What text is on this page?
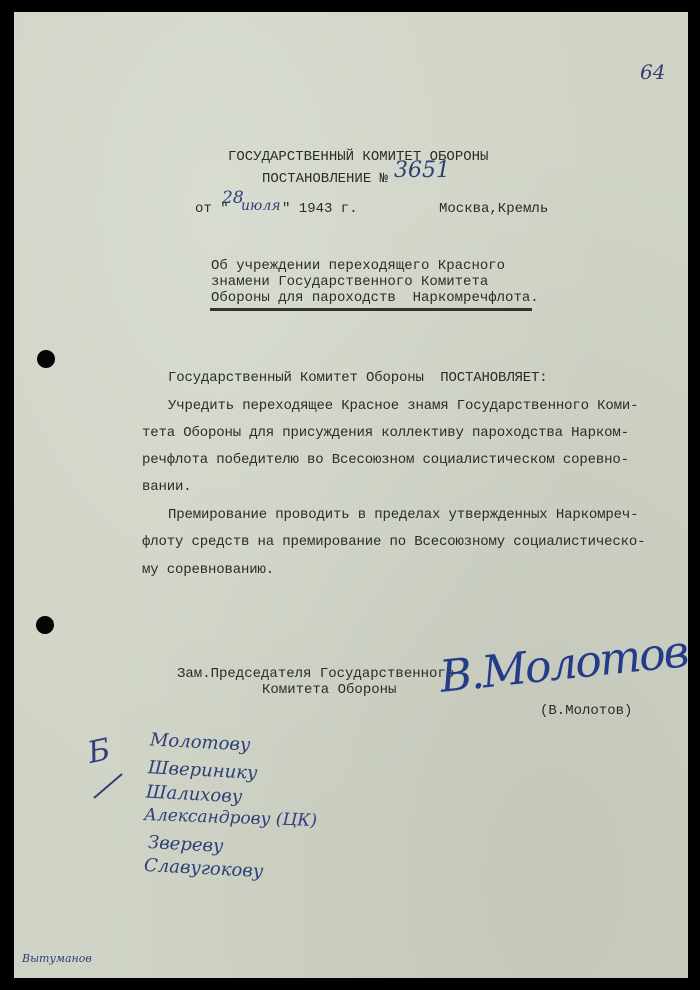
64
ГОСУДАРСТВЕННЫЙ КОМИТЕТ ОБОРОНЫ
ПОСТАНОВЛЕНИЕ № 3651
от "
28
июля " 1943 г.	Москва,Кремль
Об учреждении переходящего Красного
знамени Государственного Комитета
Обороны для пароходств  Наркомречфлота.
Государственный Комитет Обороны  ПОСТАНОВЛЯЕТ:
Учредить переходящее Красное знамя Государственного Коми-
тета Обороны для присуждения коллективу пароходства Нарком-
речфлота победителю во Всесоюзном социалистическом соревно-
вании.
Премирование проводить в пределах утвержденных Наркомреч-
флоту средств на премирование по Всесоюзному социалистическо-
му соревнованию.
Зам.Председателя Государственного
Комитета Обороны В.Молотов
(В.Молотов)
Б Молотову
Шверинику
Шалихову
Александрову (ЦК)
Звереву
Славугокову
Вытуманов
